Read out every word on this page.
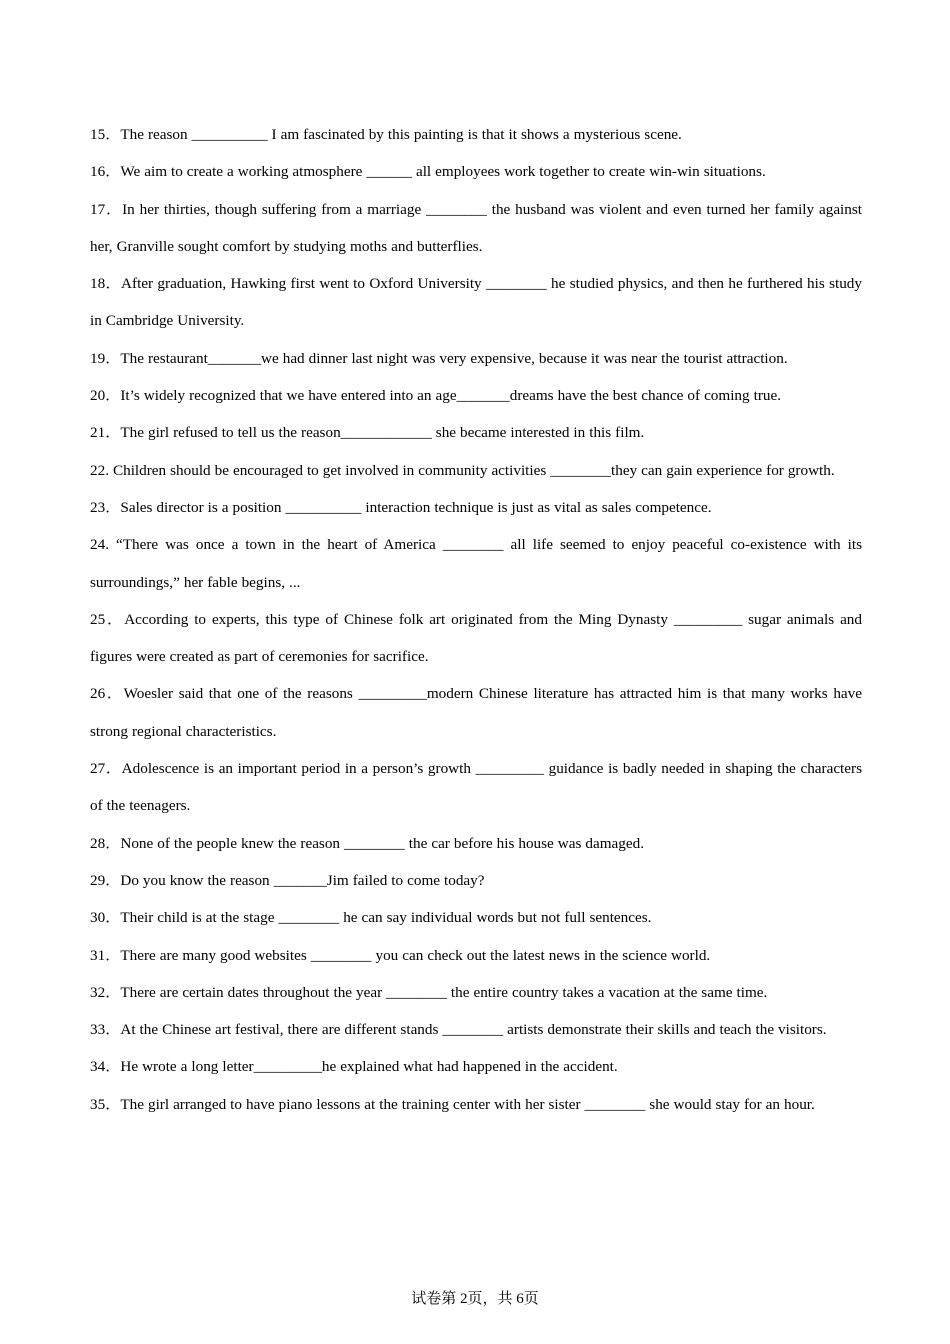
15．The reason __________ I am fascinated by this painting is that it shows a mysterious scene.

16．We aim to create a working atmosphere ______ all employees work together to create win-win situations.

17．In her thirties, though suffering from a marriage ________ the husband was violent and even turned her family against her, Granville sought comfort by studying moths and butterflies.

18．After graduation, Hawking first went to Oxford University ________ he studied physics, and then he furthered his study in Cambridge University.

19．The restaurant_______we had dinner last night was very expensive, because it was near the tourist attraction.

20．It’s widely recognized that we have entered into an age_______dreams have the best chance of coming true.

21．The girl refused to tell us the reason____________ she became interested in this film.

22. Children should be encouraged to get involved in community activities ________they can gain experience for growth.

23．Sales director is a position __________ interaction technique is just as vital as sales competence.

24. “There was once a town in the heart of America ________ all life seemed to enjoy peaceful co-existence with its surroundings,” her fable begins, ...

25．According to experts, this type of Chinese folk art originated from the Ming Dynasty _________ sugar animals and figures were created as part of ceremonies for sacrifice.

26．Woesler said that one of the reasons _________modern Chinese literature has attracted him is that many works have strong regional characteristics.

27．Adolescence is an important period in a person’s growth _________ guidance is badly needed in shaping the characters of the teenagers.

28．None of the people knew the reason ________ the car before his house was damaged.

29．Do you know the reason _______Jim failed to come today?

30．Their child is at the stage ________ he can say individual words but not full sentences.

31．There are many good websites ________ you can check out the latest news in the science world.

32．There are certain dates throughout the year ________ the entire country takes a vacation at the same time.

33．At the Chinese art festival, there are different stands ________ artists demonstrate their skills and teach the visitors.

34．He wrote a long letter_________he explained what had happened in the accident.

35．The girl arranged to have piano lessons at the training center with her sister ________ she would stay for an hour.

试卷第 2页，共 6页
